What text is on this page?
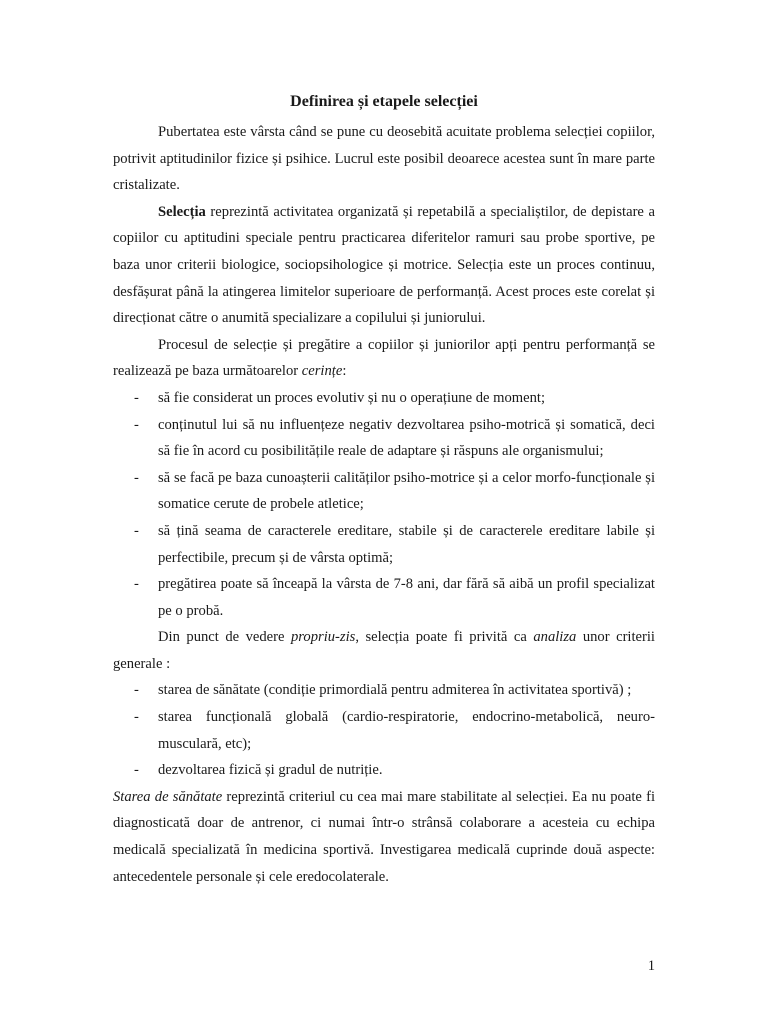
Definirea și etapele selecției

Pubertatea este vârsta când se pune cu deosebită acuitate problema selecției copiilor, potrivit aptitudinilor fizice și psihice. Lucrul este posibil deoarece acestea sunt în mare parte cristalizate.

Selecția reprezintă activitatea organizată și repetabilă a specialiștilor, de depistare a copiilor cu aptitudini speciale pentru practicarea diferitelor ramuri sau probe sportive, pe baza unor criterii biologice, sociopsihologice și motrice. Selecția este un proces continuu, desfășurat până la atingerea limitelor superioare de performanță. Acest proces este corelat și direcționat către o anumită specializare a copilului și juniorului.

Procesul de selecție și pregătire a copiilor și juniorilor apți pentru performanță se realizează pe baza următoarelor cerințe:

- să fie considerat un proces evolutiv și nu o operațiune de moment;
- conținutul lui să nu influențeze negativ dezvoltarea psiho-motrică și somatică, deci să fie în acord cu posibilitățile reale de adaptare și răspuns ale organismului;
- să se facă pe baza cunoașterii calităților psiho-motrice și a celor morfo-funcționale și somatice cerute de probele atletice;
- să țină seama de caracterele ereditare, stabile și de caracterele ereditare labile și perfectibile, precum și de vârsta optimă;
- pregătirea poate să înceapă la vârsta de 7-8 ani, dar fără să aibă un profil specializat pe o probă.

Din punct de vedere propriu-zis, selecția poate fi privită ca analiza unor criterii generale :

- starea de sănătate (condiție primordială pentru admiterea în activitatea sportivă) ;
- starea funcțională globală (cardio-respiratorie, endocrino-metabolică, neuro-musculară, etc);
- dezvoltarea fizică și gradul de nutriție.

Starea de sănătate reprezintă criteriul cu cea mai mare stabilitate al selecției. Ea nu poate fi diagnosticată doar de antrenor, ci numai într-o strânsă colaborare a acesteia cu echipa medicală specializată în medicina sportivă. Investigarea medicală cuprinde două aspecte: antecedentele personale și cele eredocolaterale.

1
